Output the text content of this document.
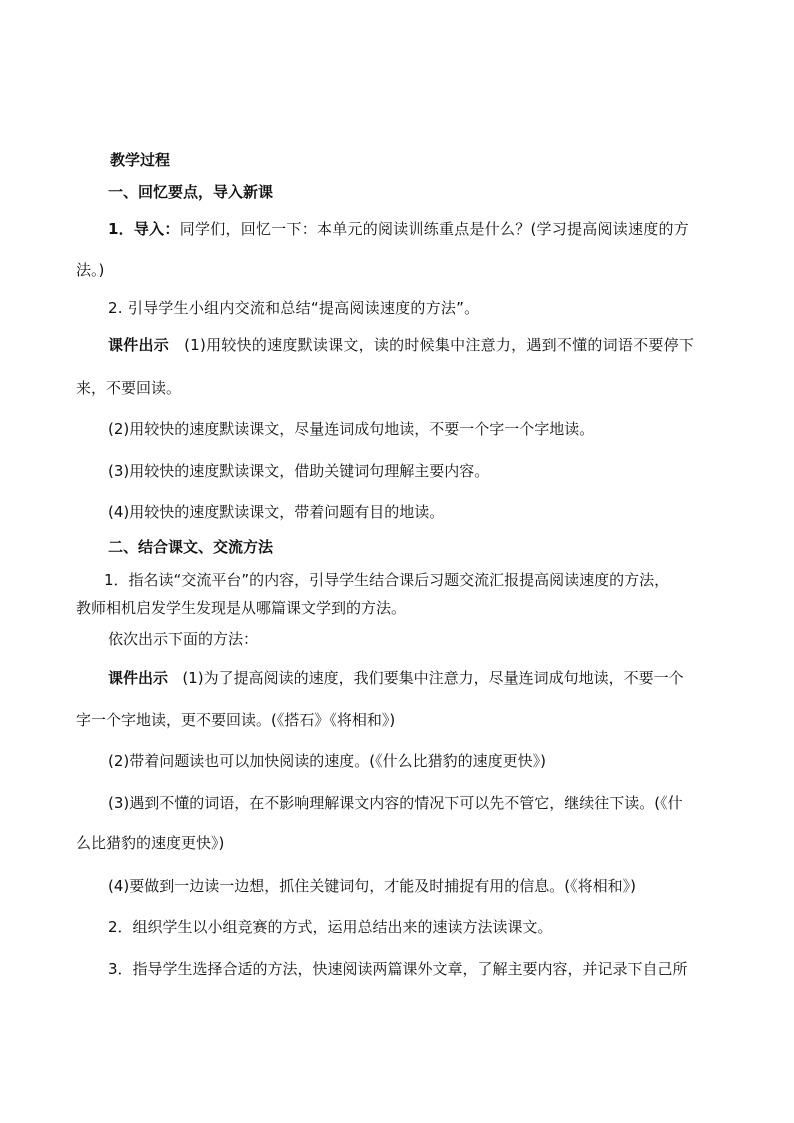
教学过程
一、回忆要点，导入新课
1．导入：同学们，回忆一下：本单元的阅读训练重点是什么？(学习提高阅读速度的方
法。)
2. 引导学生小组内交流和总结“提高阅读速度的方法”。
课件出示 (1)用较快的速度默读课文，读的时候集中注意力，遇到不懂的词语不要停下
来，不要回读。
(2)用较快的速度默读课文，尽量连词成句地读，不要一个字一个字地读。
(3)用较快的速度默读课文，借助关键词句理解主要内容。
(4)用较快的速度默读课文，带着问题有目的地读。
二、结合课文、交流方法
1．指名读“交流平台”的内容，引导学生结合课后习题交流汇报提高阅读速度的方法，
教师相机启发学生发现是从哪篇课文学到的方法。
依次出示下面的方法：
课件出示 (1)为了提高阅读的速度，我们要集中注意力，尽量连词成句地读，不要一个
字一个字地读，更不要回读。(《搭石》《将相和》)
(2)带着问题读也可以加快阅读的速度。(《什么比猎豹的速度更快》)
(3)遇到不懂的词语，在不影响理解课文内容的情况下可以先不管它，继续往下读。(《什
么比猎豹的速度更快》)
(4)要做到一边读一边想，抓住关键词句，才能及时捕捉有用的信息。(《将相和》)
2．组织学生以小组竞赛的方式，运用总结出来的速读方法读课文。
3．指导学生选择合适的方法，快速阅读两篇课外文章，了解主要内容，并记录下自己所
